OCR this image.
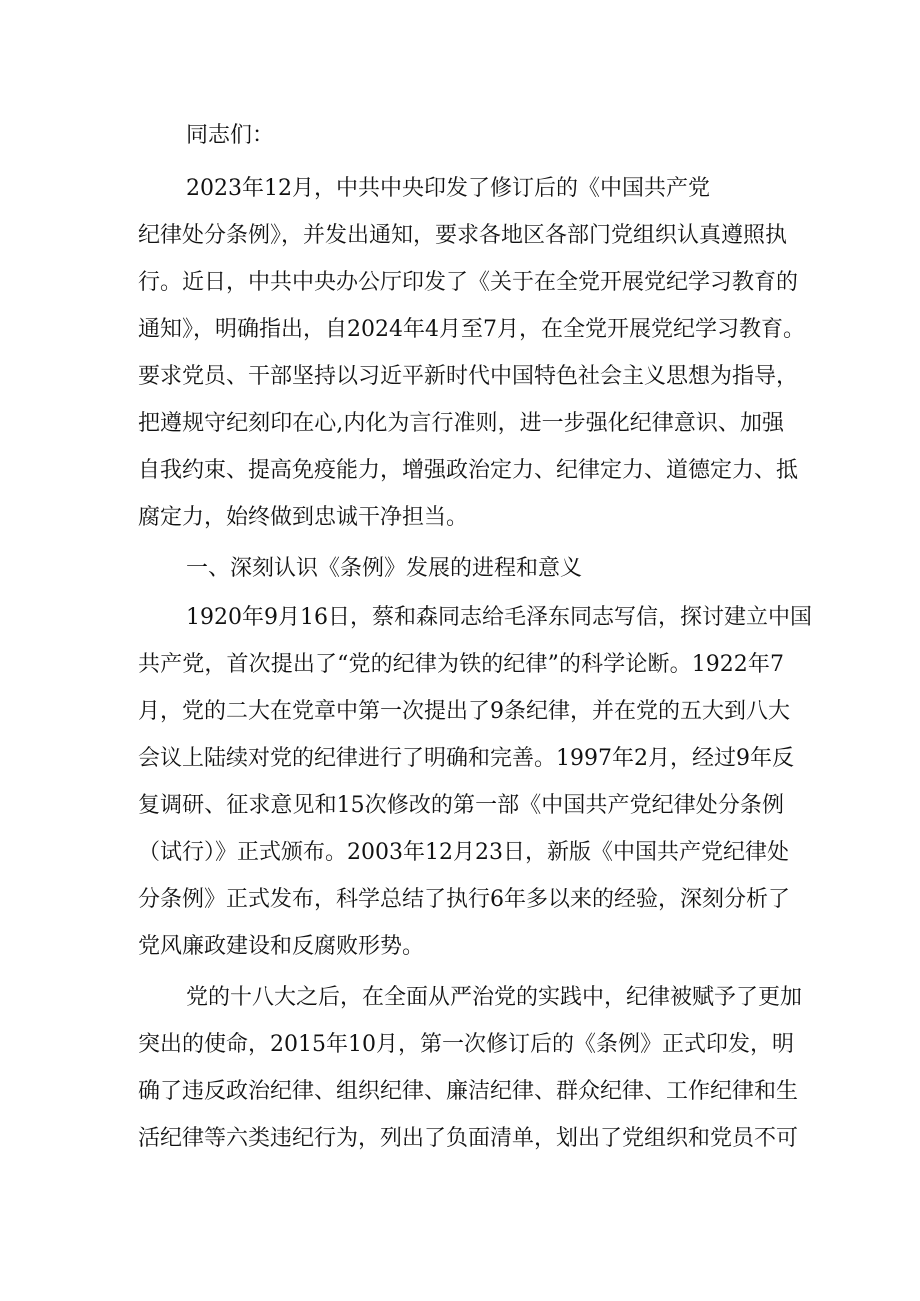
同志们：
2023年12月，中共中央印发了修订后的《中国共产党
纪律处分条例》，并发出通知，要求各地区各部门党组织认真遵照执
行。近日，中共中央办公厅印发了《关于在全党开展党纪学习教育的
通知》，明确指出，自2024年4月至7月，在全党开展党纪学习教育。
要求党员、干部坚持以习近平新时代中国特色社会主义思想为指导，
把遵规守纪刻印在心,内化为言行准则，进一步强化纪律意识、加强
自我约束、提高免疫能力，增强政治定力、纪律定力、道德定力、抵
腐定力，始终做到忠诚干净担当。
一、深刻认识《条例》发展的进程和意义
1920年9月16日，蔡和森同志给毛泽东同志写信，探讨建立中国
共产党，首次提出了“党的纪律为铁的纪律”的科学论断。1922年7
月，党的二大在党章中第一次提出了9条纪律，并在党的五大到八大
会议上陆续对党的纪律进行了明确和完善。1997年2月，经过9年反
复调研、征求意见和15次修改的第一部《中国共产党纪律处分条例
（试行）》正式颁布。2003年12月23日，新版《中国共产党纪律处
分条例》正式发布，科学总结了执行6年多以来的经验，深刻分析了
党风廉政建设和反腐败形势。
党的十八大之后，在全面从严治党的实践中，纪律被赋予了更加
突出的使命，2015年10月，第一次修订后的《条例》正式印发，明
确了违反政治纪律、组织纪律、廉洁纪律、群众纪律、工作纪律和生
活纪律等六类违纪行为，列出了负面清单，划出了党组织和党员不可
